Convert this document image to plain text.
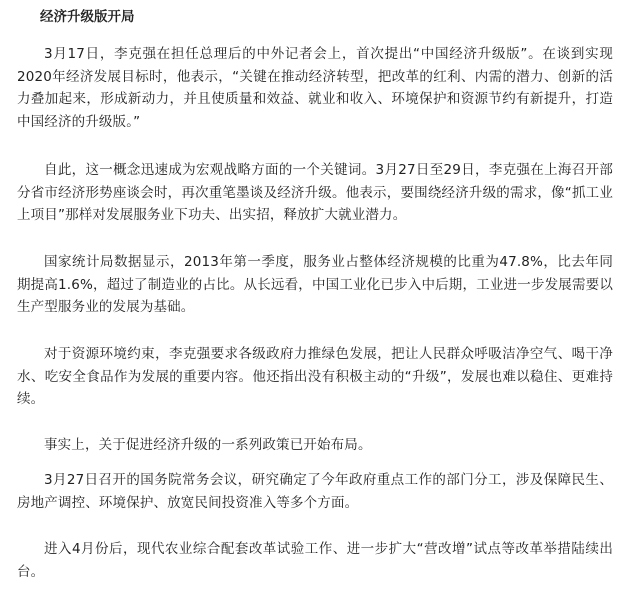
经济升级版开局

3月17日，李克强在担任总理后的中外记者会上，首次提出“中国经济升级版”。在谈到实现2020年经济发展目标时，他表示，“关键在推动经济转型，把改革的红利、内需的潜力、创新的活力叠加起来，形成新动力，并且使质量和效益、就业和收入、环境保护和资源节约有新提升，打造中国经济的升级版。”

自此，这一概念迅速成为宏观战略方面的一个关键词。3月27日至29日，李克强在上海召开部分省市经济形势座谈会时，再次重笔墨谈及经济升级。他表示，要围绕经济升级的需求，像“抓工业上项目”那样对发展服务业下功夫、出实招，释放扩大就业潜力。

国家统计局数据显示，2013年第一季度，服务业占整体经济规模的比重为47.8%，比去年同期提高1.6%，超过了制造业的占比。从长远看，中国工业化已步入中后期，工业进一步发展需要以生产型服务业的发展为基础。

对于资源环境约束，李克强要求各级政府力推绿色发展，把让人民群众呼吸洁净空气、喝干净水、吃安全食品作为发展的重要内容。他还指出没有积极主动的“升级”，发展也难以稳住、更难持续。

事实上，关于促进经济升级的一系列政策已开始布局。

3月27日召开的国务院常务会议，研究确定了今年政府重点工作的部门分工，涉及保障民生、房地产调控、环境保护、放宽民间投资准入等多个方面。

进入4月份后，现代农业综合配套改革试验工作、进一步扩大“营改增”试点等改革举措陆续出台。
